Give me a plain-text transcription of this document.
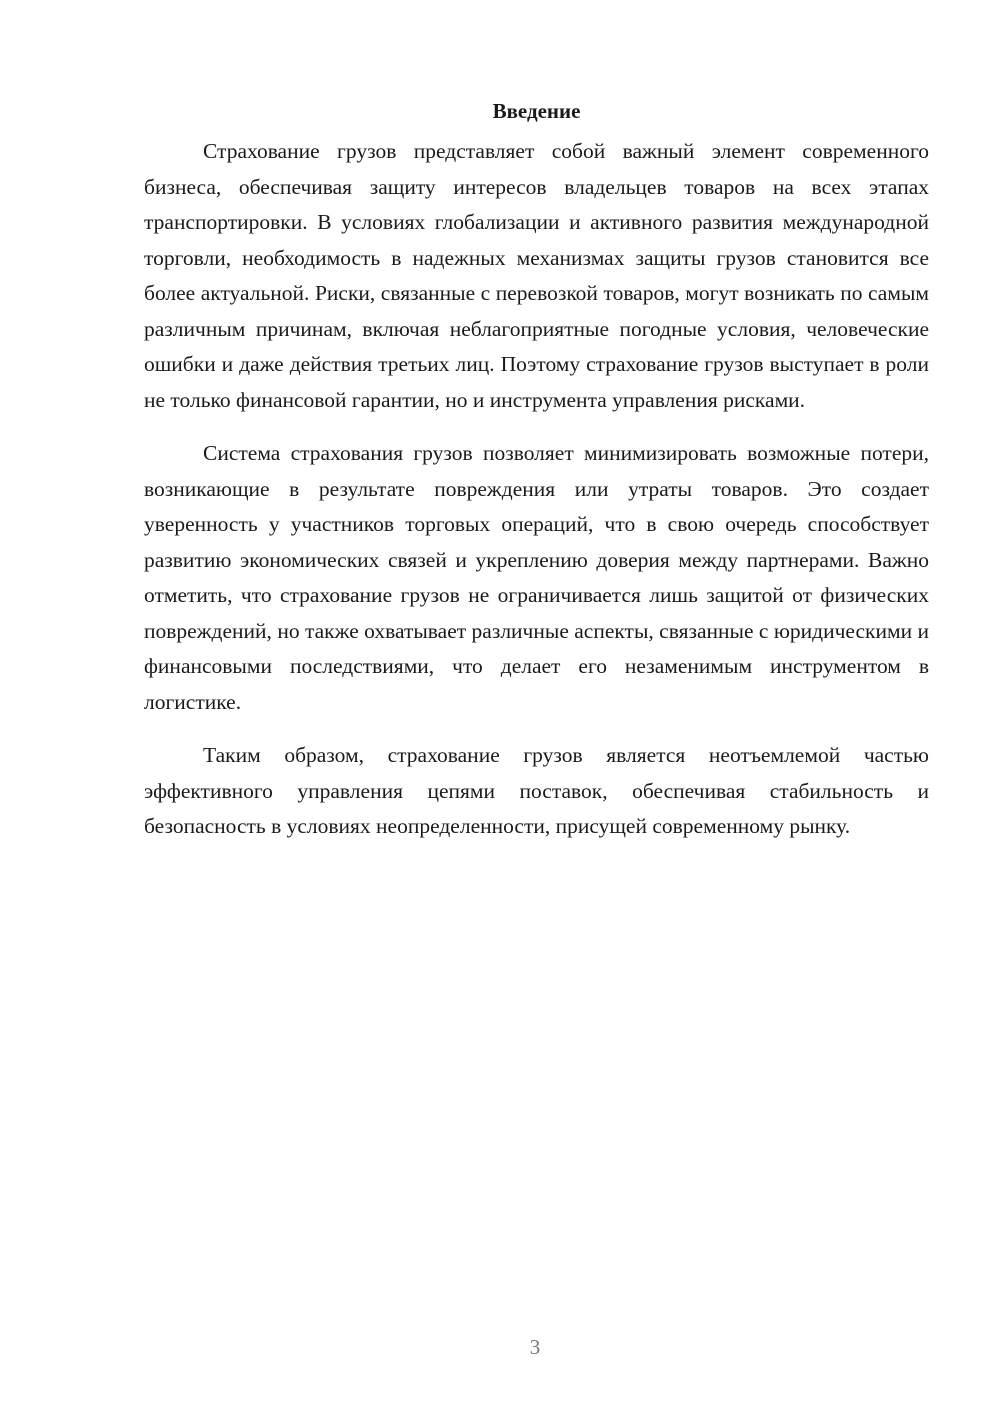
Введение

Страхование грузов представляет собой важный элемент современного бизнеса, обеспечивая защиту интересов владельцев товаров на всех этапах транспортировки. В условиях глобализации и активного развития международной торговли, необходимость в надежных механизмах защиты грузов становится все более актуальной. Риски, связанные с перевозкой товаров, могут возникать по самым различным причинам, включая неблагоприятные погодные условия, человеческие ошибки и даже действия третьих лиц. Поэтому страхование грузов выступает в роли не только финансовой гарантии, но и инструмента управления рисками.

Система страхования грузов позволяет минимизировать возможные потери, возникающие в результате повреждения или утраты товаров. Это создает уверенность у участников торговых операций, что в свою очередь способствует развитию экономических связей и укреплению доверия между партнерами. Важно отметить, что страхование грузов не ограничивается лишь защитой от физических повреждений, но также охватывает различные аспекты, связанные с юридическими и финансовыми последствиями, что делает его незаменимым инструментом в логистике.

Таким образом, страхование грузов является неотъемлемой частью эффективного управления цепями поставок, обеспечивая стабильность и безопасность в условиях неопределенности, присущей современному рынку.

3
